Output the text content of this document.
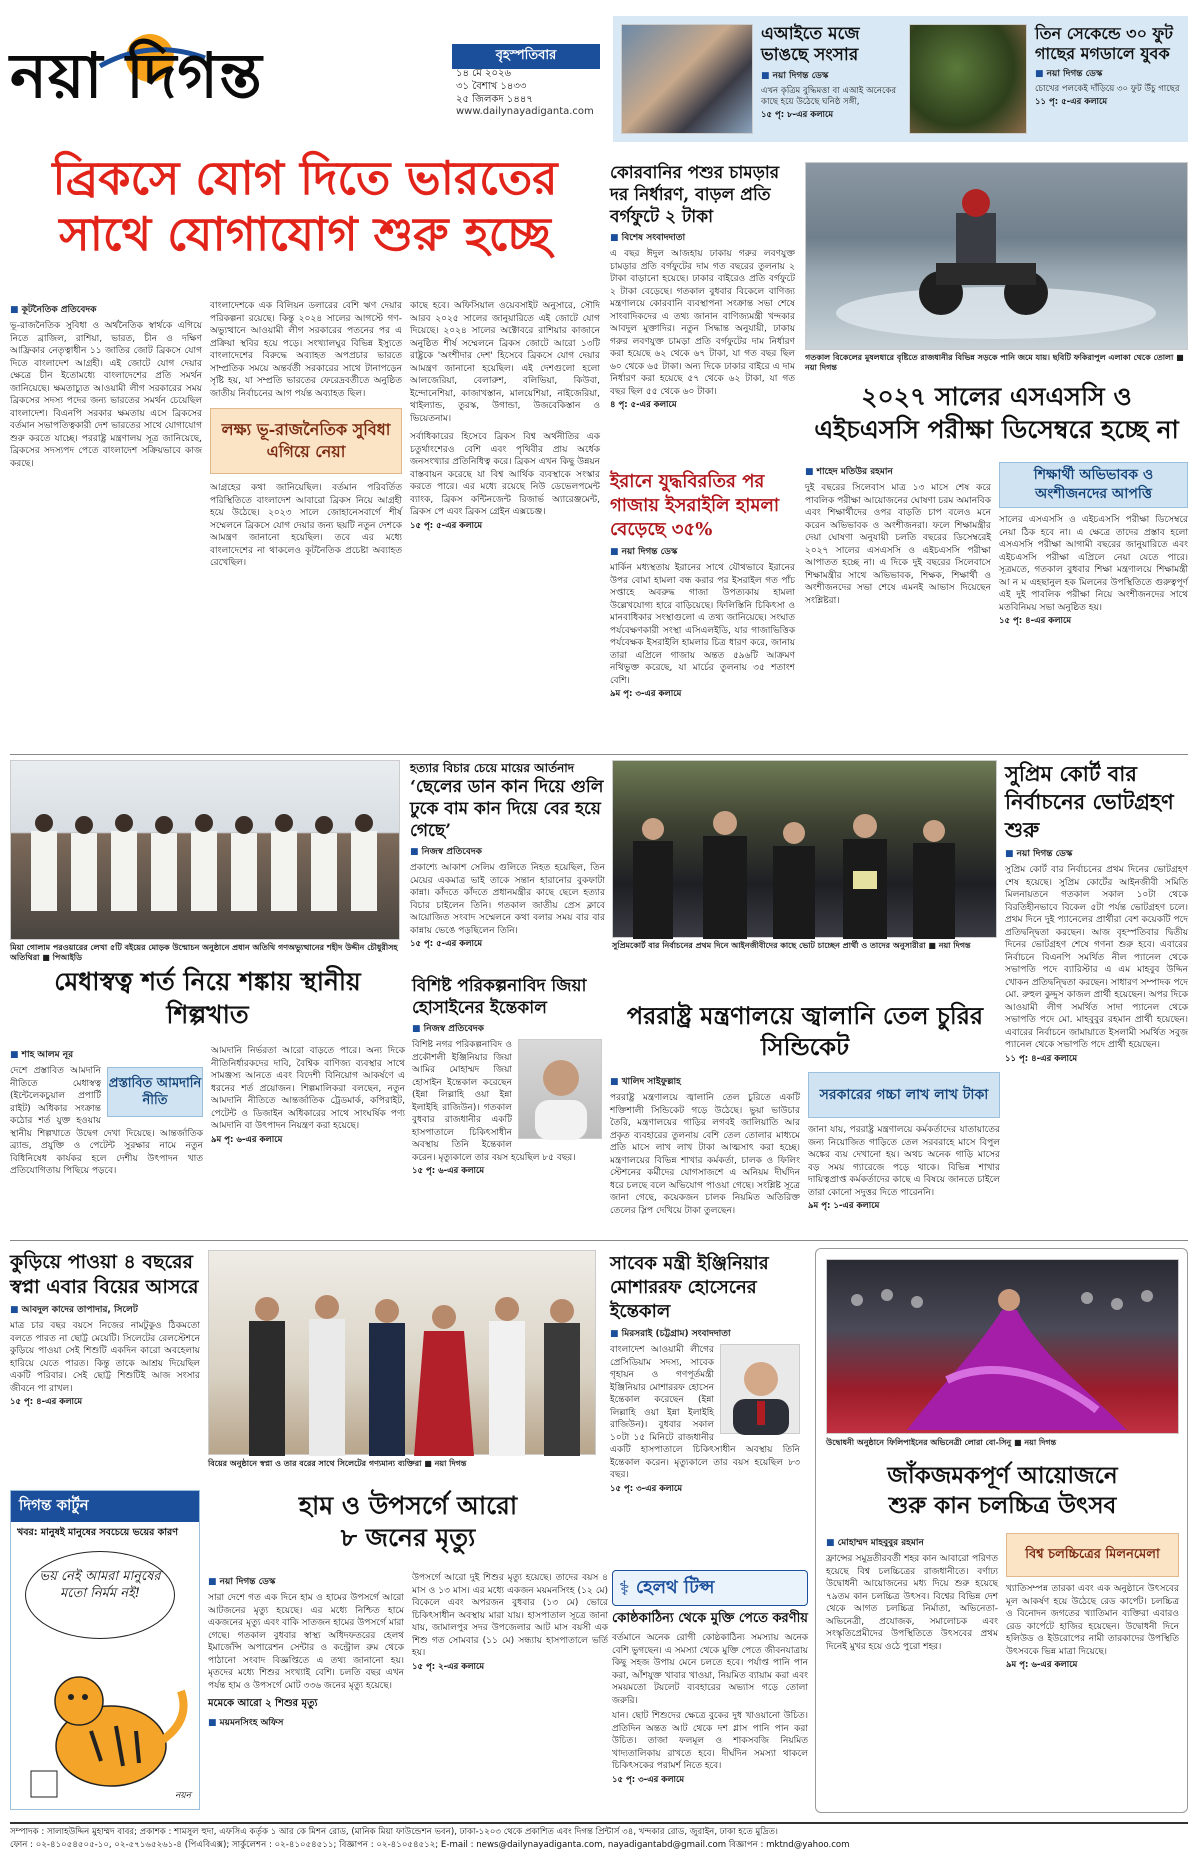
নয়া দিগন্ত	বৃহস্পতিবার
১৪ মে ২০২৬
৩১ বৈশাখ ১৪৩৩
২৫ জিলকদ ১৪৪৭
www.dailynayadiganta.com
এআইতে মজে ভাঙছে সংসার
■ নয়া দিগন্ত ডেস্ক
এখন কৃত্রিম বুদ্ধিমত্তা বা এআই অনেকের কাছে হয়ে উঠেছে ঘনিষ্ঠ সঙ্গী,
১৫ পৃ: ৮-এর কলামে
তিন সেকেন্ডে ৩০ ফুট গাছের মগডালে যুবক
■ নয়া দিগন্ত ডেস্ক
চোখের পলকেই দাঁড়িয়ে ৩০ ফুট উঁচু গাছের
১১ পৃ: ৫-এর কলামে
ব্রিকসে যোগ দিতে ভারতের
সাথে যোগাযোগ শুরু হচ্ছে
■ কূটনৈতিক প্রতিবেদক
ভূ-রাজনৈতিক সুবিধা ও অর্থনৈতিক স্বার্থকে এগিয়ে নিতে ব্রাজিল, রাশিয়া, ভারত, চীন ও দক্ষিণ আফ্রিকার নেতৃত্বাধীন ১১ জাতির জোট ব্রিকসে যোগ দিতে বাংলাদেশ আগ্রহী। এই জোটে যোগ দেয়ার ক্ষেত্রে চীন ইতোমধ্যে বাংলাদেশের প্রতি সমর্থন জানিয়েছে। ক্ষমতাচ্যুত আওয়ামী লীগ সরকারের সময় ব্রিকসের সদস্য পদের জন্য ভারতের সমর্থন চেয়েছিল বাংলাদেশ। বিএনপি সরকার ক্ষমতায় এসে ব্রিকসের বর্তমান সভাপতিত্বকারী দেশ ভারতের সাথে যোগাযোগ শুরু করতে যাচ্ছে। পররাষ্ট্র মন্ত্রণালয় সূত্র জানিয়েছে, ব্রিকসের সদস্যপদ পেতে বাংলাদেশ সক্রিয়ভাবে কাজ করছে।
বাংলাদেশকে এক বিলিয়ন ডলারের বেশি ঋণ দেয়ার পরিকল্পনা রয়েছে। কিন্তু ২০২৪ সালের আগস্টে গণ-অভ্যুত্থানে আওয়ামী লীগ সরকারের পতনের পর এ প্রক্রিয়া স্থবির হয়ে পড়ে। সংখ্যালঘুর বিভিন্ন ইস্যুতে বাংলাদেশের বিরুদ্ধে অব্যাহত অপপ্রচার ভারতে সাম্প্রতিক সময়ে অন্তর্বর্তী সরকারের সাথে টানাপড়েন সৃষ্টি হয়, যা সম্প্রতি ভারতের ফেরেদ্রবর্তীতে অনুষ্ঠিত জাতীয় নির্বাচনের আগ পর্যন্ত অব্যাহত ছিল।
লক্ষ্য ভূ-রাজনৈতিক সুবিধা এগিয়ে নেয়া
আগ্রহের কথা জানিয়েছিল। বর্তমান পরিবর্তিত পরিস্থিতিতে বাংলাদেশ আবারো ব্রিকস নিয়ে আগ্রহী হয়ে উঠেছে। ২০২৩ সালে জোহানেসবার্গে শীর্ষ সম্মেলনে ব্রিকসে যোগ দেয়ার জন্য ছয়টি নতুন দেশকে আমন্ত্রণ জানানো হয়েছিল। তবে এর মধ্যে বাংলাদেশের না থাকলেও কূটনৈতিক প্রচেষ্টা অব্যাহত রেখেছিল।
কাছে হবে। অফিসিয়াল ওয়েবসাইট অনুসারে, সৌদি আরব ২০২৫ সালের জানুয়ারিতে এই জোটে যোগ দিয়েছে। ২০২৪ সালের অক্টোবরে রাশিয়ার কাজানে অনুষ্ঠিত শীর্ষ সম্মেলনে ব্রিকস জোটে আরো ১৩টি রাষ্ট্রকে 'অংশীদার দেশ' হিসেবে ব্রিকসে যোগ দেয়ার আমন্ত্রণ জানানো হয়েছিল। এই দেশগুলো হলো আলজেরিয়া, বেলারুশ, বলিভিয়া, কিউবা, ইন্দোনেশিয়া, কাজাখস্তান, মালয়েশিয়া, নাইজেরিয়া, থাইল্যান্ড, তুরস্ক, উগান্ডা, উজবেকিস্তান ও ভিয়েতনাম।
সর্বাধিকারের হিসেবে ব্রিকস বিশ্ব অর্থনীতির এক চতুর্থাংশেরও বেশি এবং পৃথিবীর প্রায় অর্ধেক জনসংখ্যার প্রতিনিধিত্ব করে। ব্রিকস এখন কিছু উন্নয়ন বাস্তবায়ন করেছে যা বিশ্ব আর্থিক ব্যবস্থাকে সংস্কার করতে পারে। এর মধ্যে রয়েছে নিউ ডেভেলপমেন্ট ব্যাংক, ব্রিকস কন্টিনজেন্ট রিজার্ভ অ্যারেঞ্জমেন্ট, ব্রিকস পে এবং ব্রিকস গ্রেইন এক্সচেঞ্জ।
১৫ পৃ: ৫-এর কলামে
কোরবানির পশুর চামড়ার দর নির্ধারণ, বাড়ল প্রতি বর্গফুটে ২ টাকা
■ বিশেষ সংবাদদাতা
এ বছর ঈদুল আজহায় ঢাকায় গরুর লবণযুক্ত চামড়ার প্রতি বর্গফুটের দাম গত বছরের তুলনায় ২ টাকা বাড়ানো হয়েছে। ঢাকার বাইরেও প্রতি বর্গফুটে ২ টাকা বেড়েছে। গতকাল বুধবার বিকেলে বাণিজ্য মন্ত্রণালয়ে কোরবানি ব্যবস্থাপনা সংক্রান্ত সভা শেষে সাংবাদিকদের এ তথ্য জানান বাণিজ্যমন্ত্রী খন্দকার আবদুল মুক্তাদির। নতুন সিদ্ধান্ত অনুযায়ী, ঢাকায় গরুর লবণযুক্ত চামড়া প্রতি বর্গফুটের দাম নির্ধারণ করা হয়েছে ৬২ থেকে ৬৭ টাকা, যা গত বছর ছিল ৬০ থেকে ৬৫ টাকা। অন্য দিকে ঢাকার বাইরে এ দাম নির্ধারণ করা হয়েছে ৫৭ থেকে ৬২ টাকা, যা গত বছর ছিল ৫৫ থেকে ৬০ টাকা।
৪ পৃ: ৫-এর কলামে
গতকাল বিকেলের মুষলধারে বৃষ্টিতে রাজধানীর বিভিন্ন সড়কে পানি জমে যায়। ছবিটি ফকিরাপুল এলাকা থেকে তোলা ■ নয়া দিগন্ত
২০২৭ সালের এসএসসি ও এইচএসসি পরীক্ষা ডিসেম্বরে হচ্ছে না
■ শাহেদ মতিউর রহমান
দুই বছরের সিলেবাস মাত্র ১৩ মাসে শেষ করে পাবলিক পরীক্ষা আয়োজনের ঘোষণা চরম অমানবিক এবং শিক্ষার্থীদের ওপর বাড়তি চাপ বলেও মনে করেন অভিভাবক ও অংশীজনরা। ফলে শিক্ষামন্ত্রীর দেয়া ঘোষণা অনুযায়ী চলতি বছরের ডিসেম্বরেই ২০২৭ সালের এসএসসি ও এইচএসসি পরীক্ষা আপাতত হচ্ছে না। এ দিকে দুই বছরের সিলেবাসে শিক্ষামন্ত্রীর সাথে অভিভাবক, শিক্ষক, শিক্ষার্থী ও অংশীজনদের সভা শেষে এমনই আভাস দিয়েছেন সংশ্লিষ্টরা।
শিক্ষার্থী অভিভাবক ও অংশীজনদের আপত্তি
সালের এসএসসি ও এইচএসসি পরীক্ষা ডিসেম্বরে নেয়া ঠিক হবে না। এ ক্ষেত্রে তাদের প্রস্তাব হলো এসএসসি পরীক্ষা আগামী বছরের জানুয়ারিতে এবং এইচএসসি পরীক্ষা এপ্রিলে নেয়া যেতে পারে। সূত্রমতে, গতকাল বুধবার শিক্ষা মন্ত্রণালয়ে শিক্ষামন্ত্রী আ ন ম এহছানুল হক মিলনের উপস্থিতিতে গুরুত্বপূর্ণ এই দুই পাবলিক পরীক্ষা নিয়ে অংশীজনদের সাথে মতবিনিময় সভা অনুষ্ঠিত হয়।
১৫ পৃ: ৪-এর কলামে
ইরানে যুদ্ধবিরতির পর গাজায় ইসরাইলি হামলা বেড়েছে ৩৫%
■ নয়া দিগন্ত ডেস্ক
মার্কিন মধ্যস্থতায় ইরানের সাথে যৌথভাবে ইরানের উপর বোমা হামলা বন্ধ করার পর ইসরাইল গত পাঁচ সপ্তাহে অবরুদ্ধ গাজা উপত্যকায় হামলা উল্লেখযোগ্য হারে বাড়িয়েছে। ফিলিস্তিনি চিকিৎসা ও মানবাধিকার সংস্থাগুলো এ তথ্য জানিয়েছে। সংঘাত পর্যবেক্ষণকারী সংস্থা এসিএলইডি, যার গাজাভিত্তিক পর্যবেক্ষক ইসরাইলি হামলার চিত্র ধারণ করে, জানায় তারা এপ্রিলে গাজায় অন্তত ৫৯৬টি আক্রমণ নথিভুক্ত করেছে, যা মার্চের তুলনায় ৩৫ শতাংশ বেশি।
৯ম পৃ: ৩-এর কলামে
মিয়া গোলাম পরওয়ারের লেখা ৫টি বইয়ের মোড়ক উন্মোচন অনুষ্ঠানে প্রধান অতিথি গণঅভ্যুত্থানের শহীদ উদ্দীন চৌধুরীসহ অতিথিরা ■ পিআইডি
হত্যার বিচার চেয়ে মায়ের আর্তনাদ
‘ছেলের ডান কান দিয়ে গুলি ঢুকে বাম কান দিয়ে বের হয়ে গেছে’
■ নিজস্ব প্রতিবেদক
প্রকাশ্যে আকাশ সেলিম গুলিতে নিহত হয়েছিল, তিন মেয়ের একমাত্র ভাই তাকে সন্তান হারানোর বুকফাটা কান্না। কাঁদতে কাঁদতে প্রধানমন্ত্রীর কাছে ছেলে হত্যার বিচার চাইলেন তিনি। গতকাল জাতীয় প্রেস ক্লাবে আয়োজিত সংবাদ সম্মেলনে কথা বলার সময় বার বার কান্নায় ভেঙে পড়ছিলেন তিনি।
১৫ পৃ: ৫-এর কলামে	সুপ্রিমকোর্ট বার নির্বাচনের প্রথম দিনে আইনজীবীদের কাছে ভোট চাচ্ছেন প্রার্থী ও তাদের অনুসারীরা ■ নয়া দিগন্ত
সুপ্রিম কোর্ট বার নির্বাচনের ভোটগ্রহণ শুরু
■ নয়া দিগন্ত ডেস্ক
সুপ্রিম কোর্ট বার নির্বাচনের প্রথম দিনের ভোটগ্রহণ শেষ হয়েছে। সুপ্রিম কোর্টের আইনজীবী সমিতি মিলনায়তনে গতকাল সকাল ১০টা থেকে বিরতিহীনভাবে বিকেল ৫টা পর্যন্ত ভোটগ্রহণ চলে। প্রথম দিনে দুই প্যানেলের প্রার্থীরা বেশ কয়েকটি পদে প্রতিদ্বন্দ্বিতা করছেন। আজ বৃহস্পতিবার দ্বিতীয় দিনের ভোটগ্রহণ শেষে গণনা শুরু হবে। এবারের নির্বাচনে বিএনপি সমর্থিত নীল প্যানেল থেকে সভাপতি পদে ব্যারিস্টার এ এম মাহবুব উদ্দিন খোকন প্রতিদ্বন্দ্বিতা করছেন। সাধারণ সম্পাদক পদে মো. রুহুল কুদ্দুস কাজল প্রার্থী হয়েছেন। অপর দিকে আওয়ামী লীগ সমর্থিত সাদা প্যানেল থেকে সভাপতি পদে মো. মাহবুবুর রহমান প্রার্থী হয়েছেন। এবারের নির্বাচনে জামায়াতে ইসলামী সমর্থিত সবুজ প্যানেল থেকে সভাপতি পদে প্রার্থী হয়েছেন।
১১ পৃ: ৪-এর কলামে
মেধাস্বত্ব শর্ত নিয়ে শঙ্কায় স্থানীয় শিল্পখাত
■ শাহ আলম নূর
প্রস্তাবিত আমদানি নীতি
দেশে প্রস্তাবিত আমদানি নীতিতে মেধাস্বত্ব (ইন্টেলেকচুয়াল প্রপার্টি রাইট) অধিকার সংক্রান্ত কঠোর শর্ত যুক্ত হওয়ায় স্থানীয় শিল্পখাতে উদ্বেগ দেখা দিয়েছে। আন্তর্জাতিক ব্র্যান্ড, প্রযুক্তি ও পেটেন্ট সুরক্ষার নামে নতুন বিধিনিষেধ কার্যকর হলে দেশীয় উৎপাদন খাত প্রতিযোগিতায় পিছিয়ে পড়বে।
আমদানি নির্ভরতা আরো বাড়তে পারে। অন্য দিকে নীতিনির্ধারকদের দাবি, বৈশ্বিক বাণিজ্য ব্যবস্থার সাথে সামঞ্জস্য আনতে এবং বিদেশী বিনিয়োগ আকর্ষণে এ ধরনের শর্ত প্রয়োজন। শিল্পমালিকরা বলছেন, নতুন আমদানি নীতিতে আন্তর্জাতিক ট্রেডমার্ক, কপিরাইট, পেটেন্ট ও ডিজাইন অধিকারের সাথে সাংঘর্ষিক পণ্য আমদানি বা উৎপাদন নিয়ন্ত্রণ করা হয়েছে।
৯ম পৃ: ৬-এর কলামে
বিশিষ্ট পরিকল্পনাবিদ জিয়া হোসাইনের ইন্তেকাল
■ নিজস্ব প্রতিবেদক
বিশিষ্ট নগর পরিকল্পনাবিদ ও প্রকৌশলী ইঞ্জিনিয়ার জিয়া আমির মোহাম্মদ জিয়া হোসাইন ইন্তেকাল করেছেন (ইন্না লিল্লাহি ওয়া ইন্না ইলাইহি রাজিউন)। গতকাল বুধবার রাজধানীর একটি হাসপাতালে চিকিৎসাধীন অবস্থায় তিনি ইন্তেকাল করেন। মৃত্যুকালে তার বয়স হয়েছিল ৮৫ বছর।
১৫ পৃ: ৬-এর কলামে
পররাষ্ট্র মন্ত্রণালয়ে জ্বালানি তেল চুরির সিন্ডিকেট
■ খালিদ সাইফুল্লাহ
পররাষ্ট্র মন্ত্রণালয়ে জ্বালানি তেল চুরিতে একটি শক্তিশালী সিন্ডিকেট গড়ে উঠেছে। ভুয়া ভাউচার তৈরি, মন্ত্রণালয়ের গাড়ির লগবই জালিয়াতি আর প্রকৃত ব্যবহারের তুলনায় বেশি তেল তোলার মাধ্যমে প্রতি মাসে লাখ লাখ টাকা আত্মসাৎ করা হচ্ছে। মন্ত্রণালয়ের বিভিন্ন শাখার কর্মকর্তা, চালক ও ফিলিং স্টেশনের কর্মীদের যোগসাজশে এ অনিয়ম দীর্ঘদিন ধরে চলছে বলে অভিযোগ পাওয়া গেছে। সংশ্লিষ্ট সূত্রে জানা গেছে, কয়েকজন চালক নিয়মিত অতিরিক্ত তেলের স্লিপ দেখিয়ে টাকা তুলছেন।
সরকারের গচ্চা লাখ লাখ টাকা
জানা যায়, পররাষ্ট্র মন্ত্রণালয়ে কর্মকর্তাদের যাতায়াতের জন্য নিয়োজিত গাড়িতে তেল সরবরাহে মাসে বিপুল অঙ্কের ব্যয় দেখানো হয়। অথচ অনেক গাড়ি মাসের বড় সময় গ্যারেজে পড়ে থাকে। বিভিন্ন শাখার দায়িত্বপ্রাপ্ত কর্মকর্তাদের কাছে এ বিষয়ে জানতে চাইলে তারা কোনো সদুত্তর দিতে পারেননি।
৯ম পৃ: ১-এর কলামে
কুড়িয়ে পাওয়া ৪ বছরের স্বপ্না এবার বিয়ের আসরে
■ আবদুল কাদের তাপাদার, সিলেট
মাত্র চার বছর বয়সে নিজের নামটুকুও ঠিকমতো বলতে পারত না ছোট্ট মেয়েটি। সিলেটের রেলস্টেশনে কুড়িয়ে পাওয়া সেই শিশুটি একদিন কারো অবহেলায় হারিয়ে যেতে পারত। কিন্তু তাকে আশ্রয় দিয়েছিল একটি পরিবার। সেই ছোট্ট শিশুটিই আজ সংসার জীবনে পা রাখল।
১৫ পৃ: ৪-এর কলামে
বিয়ের অনুষ্ঠানে স্বপ্না ও তার বরের সাথে সিলেটের গণ্যমান্য ব্যক্তিরা ■ নয়া দিগন্ত
সাবেক মন্ত্রী ইঞ্জিনিয়ার মোশাররফ হোসেনের ইন্তেকাল
■ মিরসরাই (চট্টগ্রাম) সংবাদদাতা
বাংলাদেশ আওয়ামী লীগের প্রেসিডিয়াম সদস্য, সাবেক গৃহায়ন ও গণপূর্তমন্ত্রী ইঞ্জিনিয়ার মোশাররফ হোসেন ইন্তেকাল করেছেন (ইন্না লিল্লাহি ওয়া ইন্না ইলাইহি রাজিউন)। বুধবার সকাল ১০টা ১৫ মিনিটে রাজধানীর একটি হাসপাতালে চিকিৎসাধীন অবস্থায় তিনি ইন্তেকাল করেন। মৃত্যুকালে তার বয়স হয়েছিল ৮৩ বছর।
১৫ পৃ: ৩-এর কলামে
উদ্বোধনী অনুষ্ঠানে ফিলিপাইনের অভিনেত্রী লোরা বো-সিনু ■ নয়া দিগন্ত
জাঁকজমকপূর্ণ আয়োজনে
শুরু কান চলচ্চিত্র উৎসব
■ মোহাম্মদ মাহবুবুর রহমান
ফ্রান্সের সমুদ্রতীরবর্তী শহর কান আবারো পরিণত হয়েছে বিশ্ব চলচ্চিত্রের রাজধানীতে। বর্ণাঢ্য উদ্বোধনী আয়োজনের মধ্য দিয়ে শুরু হয়েছে ৭৯তম কান চলচ্চিত্র উৎসব। বিশ্বের বিভিন্ন দেশ থেকে আগত চলচ্চিত্র নির্মাতা, অভিনেতা-অভিনেত্রী, প্রযোজক, সমালোচক এবং সংস্কৃতিপ্রেমীদের উপস্থিতিতে উৎসবের প্রথম দিনেই মুখর হয়ে ওঠে পুরো শহর।
বিশ্ব চলচ্চিত্রের মিলনমেলা
খ্যাতিসম্পন্ন তারকা এবং এক অনুষ্ঠানে উৎসবের মূল আকর্ষণ হয়ে উঠেছে রেড কার্পেট। চলচ্চিত্র ও বিনোদন জগতের খ্যাতিমান ব্যক্তিরা এবারও রেড কার্পেটে হাজির হয়েছেন। উদ্বোধনী দিনে হলিউড ও ইউরোপের নামী তারকাদের উপস্থিতি উৎসবকে ভিন্ন মাত্রা দিয়েছে।
৯ম পৃ: ৬-এর কলামে
দিগন্ত কার্টুন
খবর: মানুষই মানুষের সবচেয়ে ভয়ের কারণ
ভয় নেই আমরা মানুষের মতো নির্মম নই!
নয়ন
হাম ও উপসর্গে আরো
৮ জনের মৃত্যু
■ নয়া দিগন্ত ডেস্ক
সারা দেশে গত এক দিনে হাম ও হামের উপসর্গে আরো আটজনের মৃত্যু হয়েছে। এর মধ্যে নিশ্চিত হামে একজনের মৃত্যু এবং বাকি সাতজন হামের উপসর্গে মারা গেছে। গতকাল বুধবার স্বাস্থ্য অধিদফতরের হেলথ ইমার্জেন্সি অপারেশন সেন্টার ও কন্ট্রোল রুম থেকে পাঠানো সংবাদ বিজ্ঞপ্তিতে এ তথ্য জানানো হয়। মৃতদের মধ্যে শিশুর সংখ্যাই বেশি। চলতি বছর এখন পর্যন্ত হাম ও উপসর্গে মোট ৩৩৬ জনের মৃত্যু হয়েছে।
মমেকে আরো ২ শিশুর মৃত্যু
■ ময়মনসিংহ অফিস
উপসর্গে আরো দুই শিশুর মৃত্যু হয়েছে। তাদের বয়স ৪ মাস ও ১৩ মাস। এর মধ্যে একজন ময়মনসিংহ (১২ মে) বিকেলে এবং অপরজন বুধবার (১৩ মে) ভোরে চিকিৎসাধীন অবস্থায় মারা যায়। হাসপাতাল সূত্রে জানা যায়, জামালপুর সদর উপজেলার আট মাস বয়সী এক শিশু গত সোমবার (১১ মে) সন্ধ্যায় হাসপাতালে ভর্তি হয়।
১৫ পৃ: ২-এর কলামে
⚕ হেলথ টিপ্স
কোষ্ঠকাঠিন্য থেকে মুক্তি পেতে করণীয়
বর্তমানে অনেক রোগী কোষ্ঠকাঠিন্য সমস্যায় অনেক বেশি ভুগছেন। এ সমস্যা থেকে মুক্তি পেতে জীবনযাত্রায় কিছু সহজ উপায় মেনে চলতে হবে। পর্যাপ্ত পানি পান করা, আঁশযুক্ত খাবার খাওয়া, নিয়মিত ব্যায়াম করা এবং সময়মতো টয়লেট ব্যবহারের অভ্যাস গড়ে তোলা জরুরি।
যান। ছোট শিশুদের ক্ষেত্রে বুকের দুধ খাওয়ানো উচিত। প্রতিদিন অন্তত আট থেকে দশ গ্লাস পানি পান করা উচিত। তাজা ফলমূল ও শাকসবজি নিয়মিত খাদ্যতালিকায় রাখতে হবে। দীর্ঘদিন সমস্যা থাকলে চিকিৎসকের পরামর্শ নিতে হবে।
১৫ পৃ: ৩-এর কলামে
সম্পাদক : সালাহউদ্দিন মুহাম্মদ বাবর; প্রকাশক : শামসুল হুদা, এফসিএ কর্তৃক ১ আর কে মিশন রোড, (মানিক মিয়া ফাউন্ডেশন ভবন), ঢাকা-১২০৩ থেকে প্রকাশিত এবং দিগন্ত প্রিন্টার্স ৩৪, খন্দকার রোড, জুরাইন, ঢাকা হতে মুদ্রিত।
ফোন : ০২-৪১০৫৪৫০৫-১০, ০২-৫৭১৬৫২৬১-৪ (পিএবিএক্স); সার্কুলেশন : ০২-৪১০৫৪৫১১; বিজ্ঞাপন : ০২-৪১০৫৪৫১২; E-mail : news@dailynayadiganta.com, nayadigantabd@gmail.com বিজ্ঞাপন : mktnd@yahoo.com
